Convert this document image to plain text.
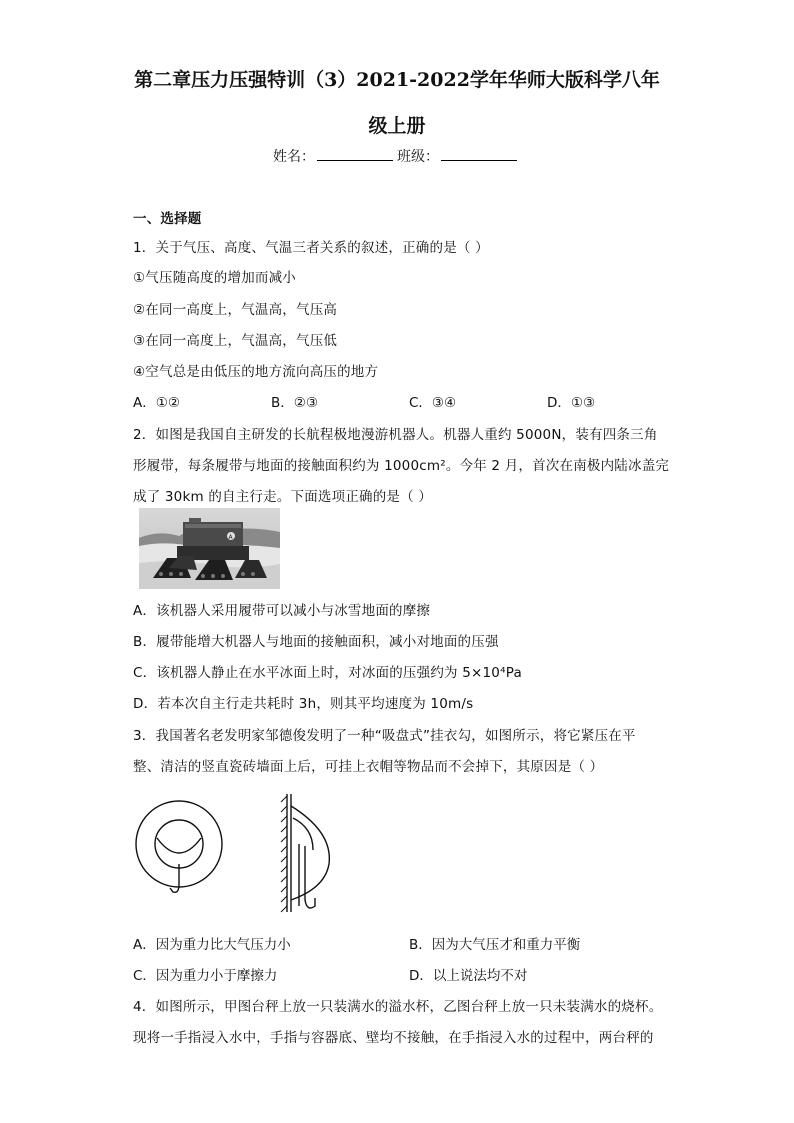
第二章压力压强特训（3）2021-2022学年华师大版科学八年
级上册
姓名：	班级：
一、选择题
1．关于气压、高度、气温三者关系的叙述，正确的是（ ）
①气压随高度的增加而减小
②在同一高度上，气温高，气压高
③在同一高度上，气温高，气压低
④空气总是由低压的地方流向高压的地方
A．①②	B．②③	C．③④	D．①③
2．如图是我国自主研发的长航程极地漫游机器人。机器人重约 5000N，装有四条三角
形履带，每条履带与地面的接触面积约为 1000cm²。今年 2 月，首次在南极内陆冰盖完
成了 30km 的自主行走。下面选项正确的是（ ）
A
A．该机器人采用履带可以减小与冰雪地面的摩擦
B．履带能增大机器人与地面的接触面积，减小对地面的压强
C．该机器人静止在水平冰面上时，对冰面的压强约为 5×10⁴Pa
D．若本次自主行走共耗时 3h，则其平均速度为 10m/s
3．我国著名老发明家邹德俊发明了一种“吸盘式”挂衣勾，如图所示，将它紧压在平
整、清洁的竖直瓷砖墙面上后，可挂上衣帽等物品而不会掉下，其原因是（ ）
A．因为重力比大气压力小	B．因为大气压才和重力平衡
C．因为重力小于摩擦力	D．以上说法均不对
4．如图所示，甲图台秤上放一只装满水的溢水杯，乙图台秤上放一只未装满水的烧杯。
现将一手指浸入水中，手指与容器底、壁均不接触，在手指浸入水的过程中，两台秤的
